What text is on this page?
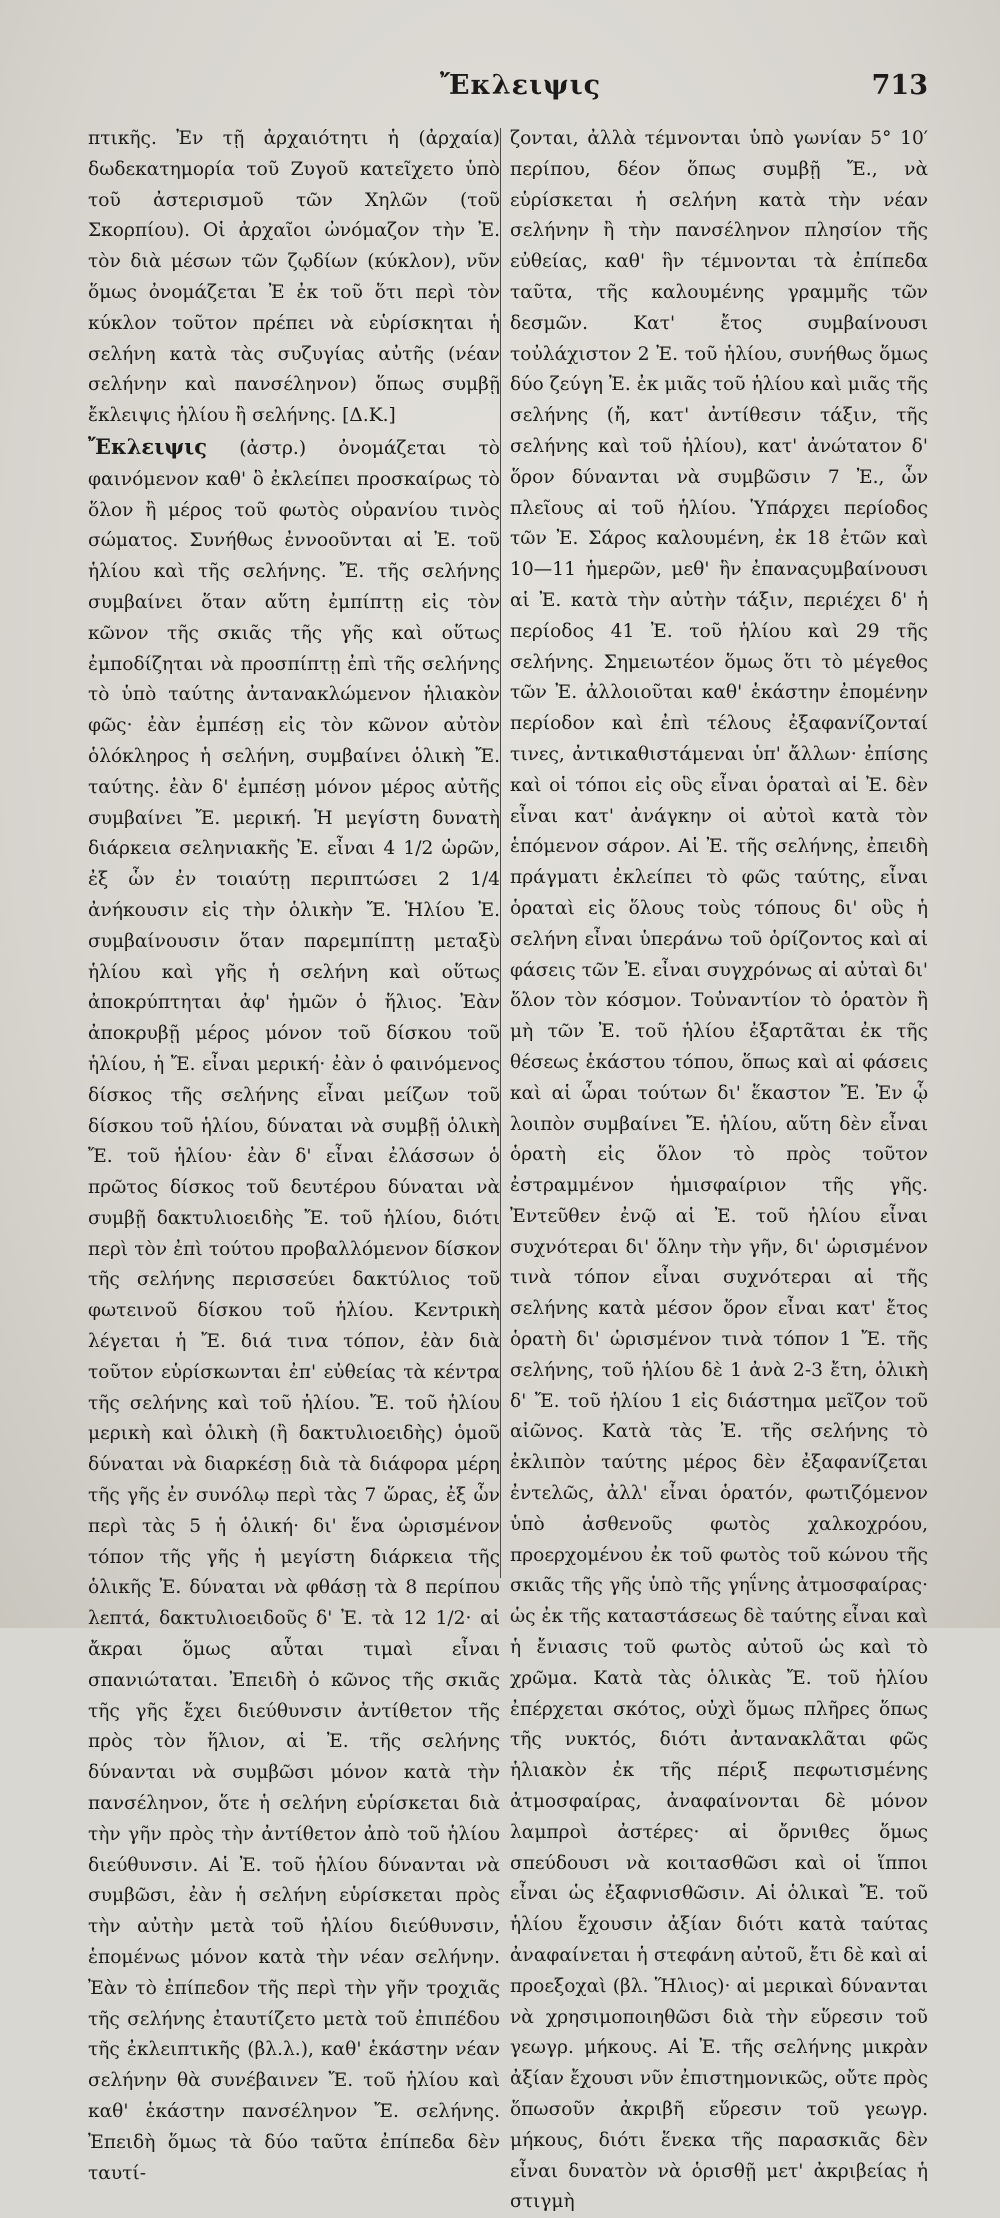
Ἔκλειψις	713

πτικῆς. Ἐν τῇ ἀρχαιότητι ἡ (ἀρχαία) δωδεκατημορία τοῦ Ζυγοῦ κατεῖχετο ὑπὸ τοῦ ἀστερισμοῦ τῶν Χηλῶν (τοῦ Σκορπίου). Οἱ ἀρχαῖοι ὠνόμαζον τὴν Ἐ. τὸν διὰ μέσων τῶν ζῳδίων (κύκλον), νῦν ὅμως ὀνομάζεται Ἐ ἐκ τοῦ ὅτι περὶ τὸν κύκλον τοῦτον πρέπει νὰ εὑρίσκηται ἡ σελήνη κατὰ τὰς συζυγίας αὐτῆς (νέαν σελήνην καὶ πανσέληνον) ὅπως συμβῇ ἔκλειψις ἡλίου ἢ σελήνης. [Δ.Κ.]

Ἔκλειψις (ἀστρ.) ὀνομάζεται τὸ φαινόμενον καθ' ὃ ἐκλείπει προσκαίρως τὸ ὅλον ἢ μέρος τοῦ φωτὸς οὐρανίου τινὸς σώματος. Συνήθως ἐννοοῦνται αἱ Ἐ. τοῦ ἡλίου καὶ τῆς σελήνης. Ἔ. τῆς σελήνης συμβαίνει ὅταν αὕτη ἐμπίπτῃ εἰς τὸν κῶνον τῆς σκιᾶς τῆς γῆς καὶ οὕτως ἐμποδίζηται νὰ προσπίπτῃ ἐπὶ τῆς σελήνης τὸ ὑπὸ ταύτης ἀντανακλώμενον ἡλιακὸν φῶς· ἐὰν ἐμπέσῃ εἰς τὸν κῶνον αὐτὸν ὁλόκληρος ἡ σελήνη, συμβαίνει ὁλικὴ Ἔ. ταύτης. ἐὰν δ' ἐμπέσῃ μόνον μέρος αὐτῆς συμβαίνει Ἔ. μερική. Ἡ μεγίστη δυνατὴ διάρκεια σεληνιακῆς Ἐ. εἶναι 4 1/2 ὡρῶν, ἐξ ὧν ἐν τοιαύτῃ περιπτώσει 2 1/4 ἀνήκουσιν εἰς τὴν ὁλικὴν Ἔ. Ἡλίου Ἐ. συμβαίνουσιν ὅταν παρεμπίπτῃ μεταξὺ ἡλίου καὶ γῆς ἡ σελήνη καὶ οὕτως ἀποκρύπτηται ἀφ' ἡμῶν ὁ ἥλιος. Ἐὰν ἀποκρυβῇ μέρος μόνον τοῦ δίσκου τοῦ ἡλίου, ἡ Ἔ. εἶναι μερική· ἐὰν ὁ φαινόμενος δίσκος τῆς σελήνης εἶναι μείζων τοῦ δίσκου τοῦ ἡλίου, δύναται νὰ συμβῇ ὁλικὴ Ἔ. τοῦ ἡλίου· ἐὰν δ' εἶναι ἐλάσσων ὁ πρῶτος δίσκος τοῦ δευτέρου δύναται νὰ συμβῇ δακτυλιοειδὴς Ἔ. τοῦ ἡλίου, διότι περὶ τὸν ἐπὶ τούτου προβαλλόμενον δίσκον τῆς σελήνης περισσεύει δακτύλιος τοῦ φωτεινοῦ δίσκου τοῦ ἡλίου. Κεντρικὴ λέγεται ἡ Ἔ. διά τινα τόπον, ἐὰν διὰ τοῦτον εὑρίσκωνται ἐπ' εὐθείας τὰ κέντρα τῆς σελήνης καὶ τοῦ ἡλίου. Ἔ. τοῦ ἡλίου μερικὴ καὶ ὁλικὴ (ἢ δακτυλιοειδὴς) ὁμοῦ δύναται νὰ διαρκέσῃ διὰ τὰ διάφορα μέρη τῆς γῆς ἐν συνόλῳ περὶ τὰς 7 ὥρας, ἐξ ὧν περὶ τὰς 5 ἡ ὁλική· δι' ἕνα ὡρισμένον τόπον τῆς γῆς ἡ μεγίστη διάρκεια τῆς ὁλικῆς Ἐ. δύναται νὰ φθάσῃ τὰ 8 περίπου λεπτά, δακτυλιοειδοῦς δ' Ἐ. τὰ 12 1/2· αἱ ἄκραι ὅμως αὗται τιμαὶ εἶναι σπανιώταται. Ἐπειδὴ ὁ κῶνος τῆς σκιᾶς τῆς γῆς ἔχει διεύθυνσιν ἀντίθετον τῆς πρὸς τὸν ἥλιον, αἱ Ἐ. τῆς σελήνης δύνανται νὰ συμβῶσι μόνον κατὰ τὴν πανσέληνον, ὅτε ἡ σελήνη εὑρίσκεται διὰ τὴν γῆν πρὸς τὴν ἀντίθετον ἀπὸ τοῦ ἡλίου διεύθυνσιν. Αἱ Ἐ. τοῦ ἡλίου δύνανται νὰ συμβῶσι, ἐὰν ἡ σελήνη εὑρίσκεται πρὸς τὴν αὐτὴν μετὰ τοῦ ἡλίου διεύθυνσιν, ἑπομένως μόνον κατὰ τὴν νέαν σελήνην. Ἐὰν τὸ ἐπίπεδον τῆς περὶ τὴν γῆν τροχιᾶς τῆς σελήνης ἐταυτίζετο μετὰ τοῦ ἐπιπέδου τῆς ἐκλειπτικῆς (βλ.λ.), καθ' ἑκάστην νέαν σελήνην θὰ συνέβαινεν Ἔ. τοῦ ἡλίου καὶ καθ' ἑκάστην πανσέληνον Ἔ. σελήνης. Ἐπειδὴ ὅμως τὰ δύο ταῦτα ἐπίπεδα δὲν ταυτί-

ζονται, ἀλλὰ τέμνονται ὑπὸ γωνίαν 5° 10′ περίπου, δέον ὅπως συμβῇ Ἔ., νὰ εὑρίσκεται ἡ σελήνη κατὰ τὴν νέαν σελήνην ἢ τὴν πανσέληνον πλησίον τῆς εὐθείας, καθ' ἣν τέμνονται τὰ ἐπίπεδα ταῦτα, τῆς καλουμένης γραμμῆς τῶν δεσμῶν. Κατ' ἔτος συμβαίνουσι τοὐλάχιστον 2 Ἐ. τοῦ ἡλίου, συνήθως ὅμως δύο ζεύγη Ἐ. ἐκ μιᾶς τοῦ ἡλίου καὶ μιᾶς τῆς σελήνης (ἤ, κατ' ἀντίθεσιν τάξιν, τῆς σελήνης καὶ τοῦ ἡλίου), κατ' ἀνώτατον δ' ὅρον δύνανται νὰ συμβῶσιν 7 Ἐ., ὧν πλεῖους αἱ τοῦ ἡλίου. Ὑπάρχει περίοδος τῶν Ἐ. Σάρος καλουμένη, ἐκ 18 ἐτῶν καὶ 10—11 ἡμερῶν, μεθ' ἣν ἐπαναςυμβαίνουσι αἱ Ἐ. κατὰ τὴν αὐτὴν τάξιν, περιέχει δ' ἡ περίοδος 41 Ἐ. τοῦ ἡλίου καὶ 29 τῆς σελήνης. Σημειωτέον ὅμως ὅτι τὸ μέγεθος τῶν Ἐ. ἀλλοιοῦται καθ' ἑκάστην ἐπομένην περίοδον καὶ ἐπὶ τέλους ἐξαφανίζονταί τινες, ἀντικαθιστάμεναι ὑπ' ἄλλων· ἐπίσης καὶ οἱ τόποι εἰς οὓς εἶναι ὁραταὶ αἱ Ἐ. δὲν εἶναι κατ' ἀνάγκην οἱ αὐτοὶ κατὰ τὸν ἑπόμενον σάρον. Αἱ Ἐ. τῆς σελήνης, ἐπειδὴ πράγματι ἐκλείπει τὸ φῶς ταύτης, εἶναι ὁραταὶ εἰς ὅλους τοὺς τόπους δι' οὓς ἡ σελήνη εἶναι ὑπεράνω τοῦ ὁρίζοντος καὶ αἱ φάσεις τῶν Ἐ. εἶναι συγχρόνως αἱ αὐταὶ δι' ὅλον τὸν κόσμον. Τοὐναντίον τὸ ὁρατὸν ἢ μὴ τῶν Ἐ. τοῦ ἡλίου ἐξαρτᾶται ἐκ τῆς θέσεως ἑκάστου τόπου, ὅπως καὶ αἱ φάσεις καὶ αἱ ὧραι τούτων δι' ἕκαστον Ἔ. Ἐν ᾧ λοιπὸν συμβαίνει Ἔ. ἡλίου, αὕτη δὲν εἶναι ὁρατὴ εἰς ὅλον τὸ πρὸς τοῦτον ἐστραμμένον ἡμισφαίριον τῆς γῆς. Ἐντεῦθεν ἐνῷ αἱ Ἐ. τοῦ ἡλίου εἶναι συχνότεραι δι' ὅλην τὴν γῆν, δι' ὡρισμένον τινὰ τόπον εἶναι συχνότεραι αἱ τῆς σελήνης κατὰ μέσον ὅρον εἶναι κατ' ἔτος ὁρατὴ δι' ὡρισμένον τινὰ τόπον 1 Ἔ. τῆς σελήνης, τοῦ ἡλίου δὲ 1 ἀνὰ 2-3 ἔτη, ὁλικὴ δ' Ἔ. τοῦ ἡλίου 1 εἰς διάστημα μεῖζον τοῦ αἰῶνος. Κατὰ τὰς Ἐ. τῆς σελήνης τὸ ἐκλιπὸν ταύτης μέρος δὲν ἐξαφανίζεται ἐντελῶς, ἀλλ' εἶναι ὁρατόν, φωτιζόμενον ὑπὸ ἀσθενοῦς φωτὸς χαλκοχρόου, προερχομένου ἐκ τοῦ φωτὸς τοῦ κώνου τῆς σκιᾶς τῆς γῆς ὑπὸ τῆς γηΐνης ἀτμοσφαίρας· ὡς ἐκ τῆς καταστάσεως δὲ ταύτης εἶναι καὶ ἡ ἔνιασις τοῦ φωτὸς αὐτοῦ ὡς καὶ τὸ χρῶμα. Κατὰ τὰς ὁλικὰς Ἔ. τοῦ ἡλίου ἐπέρχεται σκότος, οὐχὶ ὅμως πλῆρες ὅπως τῆς νυκτός, διότι ἀντανακλᾶται φῶς ἡλιακὸν ἐκ τῆς πέριξ πεφωτισμένης ἀτμοσφαίρας, ἀναφαίνονται δὲ μόνον λαμπροὶ ἀστέρες· αἱ ὄρνιθες ὅμως σπεύδουσι νὰ κοιτασθῶσι καὶ οἱ ἵπποι εἶναι ὡς ἐξαφνισθῶσιν. Αἱ ὁλικαὶ Ἔ. τοῦ ἡλίου ἔχουσιν ἀξίαν διότι κατὰ ταύτας ἀναφαίνεται ἡ στεφάνη αὐτοῦ, ἔτι δὲ καὶ αἱ προεξοχαὶ (βλ. Ἥλιος)· αἱ μερικαὶ δύνανται νὰ χρησιμοποιηθῶσι διὰ τὴν εὕρεσιν τοῦ γεωγρ. μήκους. Αἱ Ἐ. τῆς σελήνης μικρὰν ἀξίαν ἔχουσι νῦν ἐπιστημονικῶς, οὔτε πρὸς ὅπωσοῦν ἀκριβῆ εὕρεσιν τοῦ γεωγρ. μήκους, διότι ἕνεκα τῆς παρασκιᾶς δὲν εἶναι δυνατὸν νὰ ὁρισθῇ μετ' ἀκριβείας ἡ στιγμὴ
